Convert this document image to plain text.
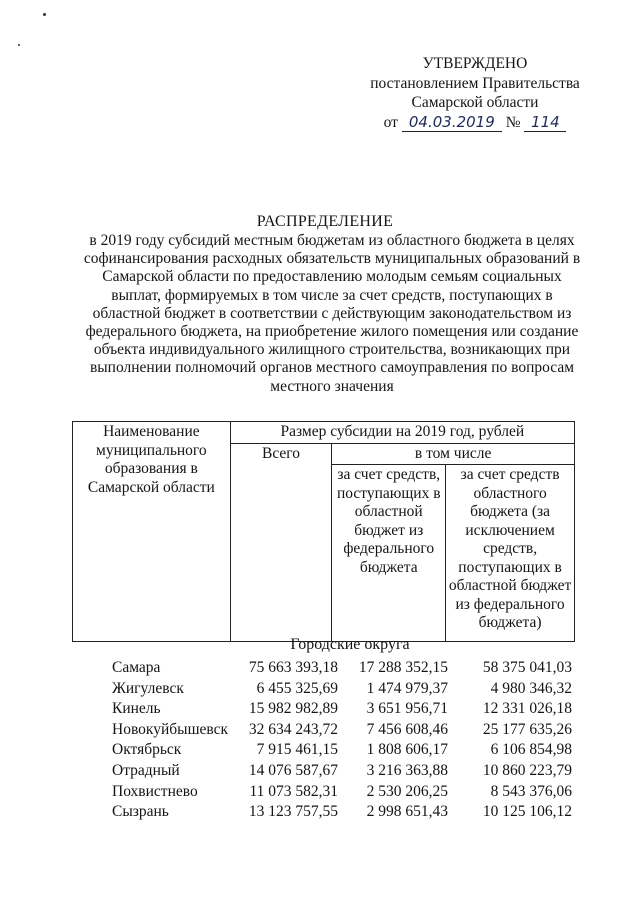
УТВЕРЖДЕНО
постановлением Правительства
Самарской области
от 04.03.2019 № 114
РАСПРЕДЕЛЕНИЕ
в 2019 году субсидий местным бюджетам из областного бюджета в целях софинансирования расходных обязательств муниципальных образований в Самарской области по предоставлению молодым семьям социальных выплат, формируемых в том числе за счет средств, поступающих в областной бюджет в соответствии с действующим законодательством из федерального бюджета, на приобретение жилого помещения или создание объекта индивидуального жилищного строительства, возникающих при выполнении полномочий органов местного самоуправления по вопросам местного значения
Наименование муниципального образования в Самарской области	Размер субсидии на 2019 год, рублей		
	Всего	в том числе	
		за счет средств, поступающих в областной бюджет из федерального бюджета	за счет средств областного бюджета (за исключением средств, поступающих в областной бюджет из федерального бюджета)
Городские округа
Самара	75 663 393,18	17 288 352,15	58 375 041,03
Жигулевск	6 455 325,69	1 474 979,37	4 980 346,32
Кинель	15 982 982,89	3 651 956,71	12 331 026,18
Новокуйбышевск	32 634 243,72	7 456 608,46	25 177 635,26
Октябрьск	7 915 461,15	1 808 606,17	6 106 854,98
Отрадный	14 076 587,67	3 216 363,88	10 860 223,79
Похвистнево	11 073 582,31	2 530 206,25	8 543 376,06
Сызрань	13 123 757,55	2 998 651,43	10 125 106,12
